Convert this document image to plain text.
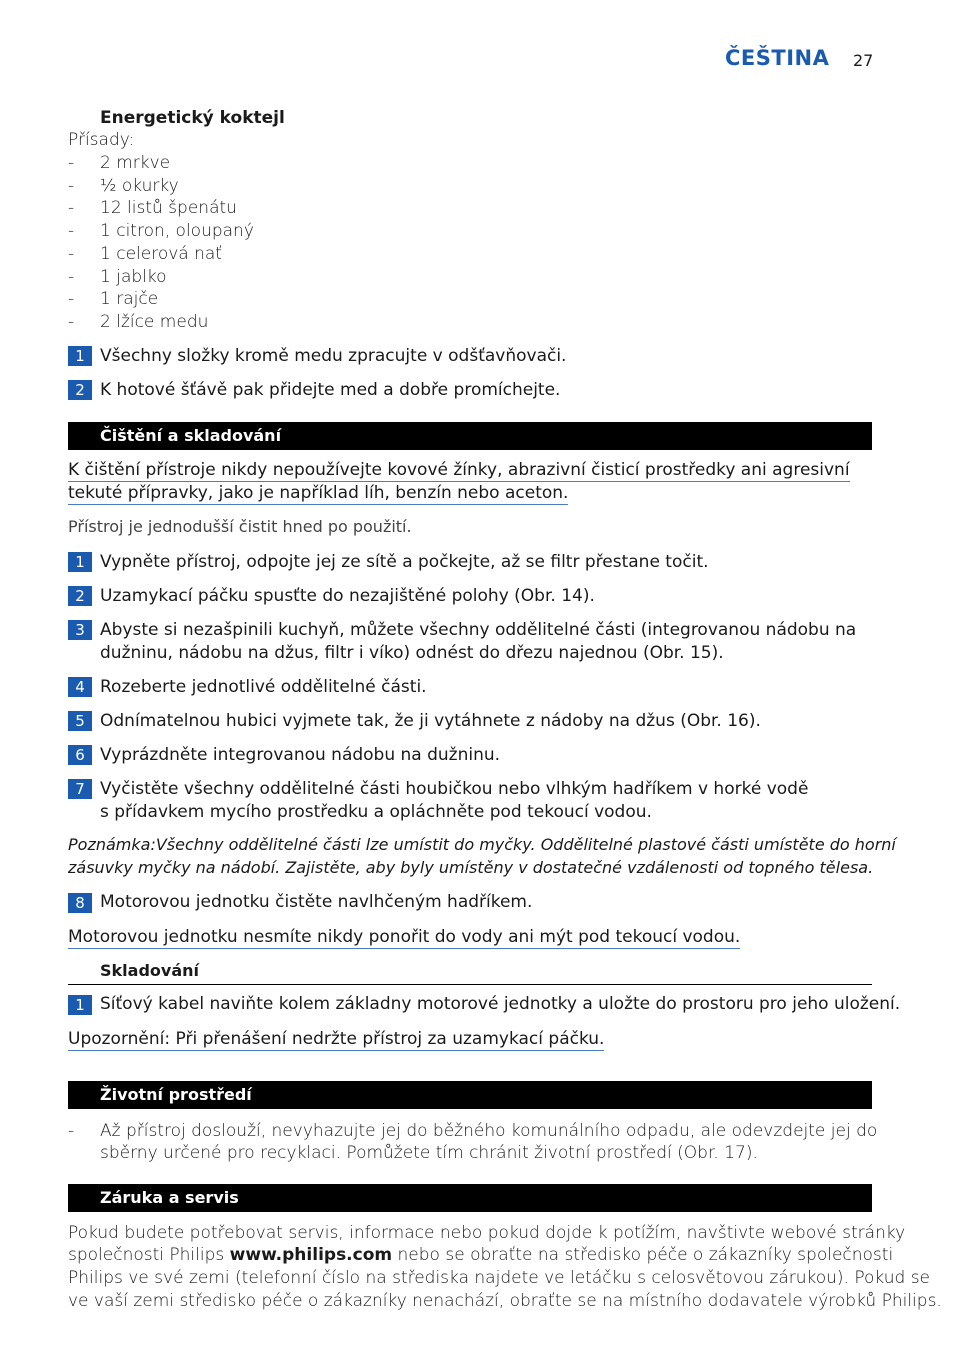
ČEŠTINA 27
Energetický koktejl
Přísady:
- 2 mrkve
- ½ okurky
- 12 listů špenátu
- 1 citron, oloupaný
- 1 celerová nať
- 1 jablko
- 1 rajče
- 2 lžíce medu
1 Všechny složky kromě medu zpracujte v odšťavňovači.
2 K hotové šťávě pak přidejte med a dobře promíchejte.
Čištění a skladování
K čištění přístroje nikdy nepoužívejte kovové žínky, abrazivní čisticí prostředky ani agresivní
tekuté přípravky, jako je například líh, benzín nebo aceton.
Přístroj je jednodušší čistit hned po použití.
1 Vypněte přístroj, odpojte jej ze sítě a počkejte, až se filtr přestane točit.
2 Uzamykací páčku spusťte do nezajištěné polohy (Obr. 14).
3 Abyste si nezašpinili kuchyň, můžete všechny oddělitelné části (integrovanou nádobu na
dužninu, nádobu na džus, filtr i víko) odnést do dřezu najednou (Obr. 15).
4 Rozeberte jednotlivé oddělitelné části.
5 Odnímatelnou hubici vyjmete tak, že ji vytáhnete z nádoby na džus (Obr. 16).
6 Vyprázdněte integrovanou nádobu na dužninu.
7 Vyčistěte všechny oddělitelné části houbičkou nebo vlhkým hadříkem v horké vodě
s přídavkem mycího prostředku a opláchněte pod tekoucí vodou.
Poznámka:Všechny oddělitelné části lze umístit do myčky. Oddělitelné plastové části umístěte do horní
zásuvky myčky na nádobí. Zajistěte, aby byly umístěny v dostatečné vzdálenosti od topného tělesa.
8 Motorovou jednotku čistěte navlhčeným hadříkem.
Motorovou jednotku nesmíte nikdy ponořit do vody ani mýt pod tekoucí vodou.
Skladování
1 Síťový kabel naviňte kolem základny motorové jednotky a uložte do prostoru pro jeho uložení.
Upozornění: Při přenášení nedržte přístroj za uzamykací páčku.
Životní prostředí
- Až přístroj doslouží, nevyhazujte jej do běžného komunálního odpadu, ale odevzdejte jej do
sběrny určené pro recyklaci. Pomůžete tím chránit životní prostředí (Obr. 17).
Záruka a servis
Pokud budete potřebovat servis, informace nebo pokud dojde k potížím, navštivte webové stránky
společnosti Philips www.philips.com nebo se obraťte na středisko péče o zákazníky společnosti
Philips ve své zemi (telefonní číslo na střediska najdete ve letáčku s celosvětovou zárukou). Pokud se
ve vaší zemi středisko péče o zákazníky nenachází, obraťte se na místního dodavatele výrobků Philips.
